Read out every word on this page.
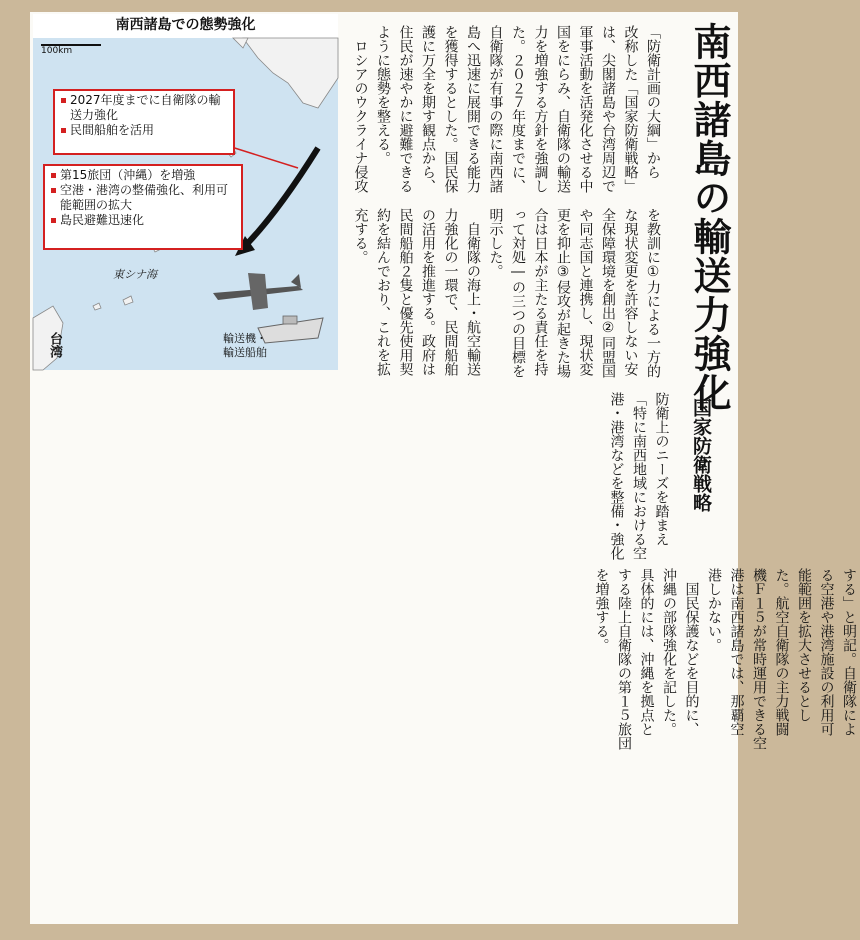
南西諸島の輸送力強化
国家防衛戦略
「防衛計画の大綱」から
改称した「国家防衛戦略」
は、尖閣諸島や台湾周辺で
軍事活動を活発化させる中
国をにらみ、自衛隊の輸送
力を増強する方針を強調し
た。２０２７年度までに、
自衛隊が有事の際に南西諸
島へ迅速に展開できる能力
を獲得するとした。国民保
護に万全を期す観点から、
住民が速やかに避難できる
ように態勢を整える。
　ロシアのウクライナ侵攻
を教訓に①力による一方的
な現状変更を許容しない安
全保障環境を創出②同盟国
や同志国と連携し、現状変
更を抑止③侵攻が起きた場
合は日本が主たる責任を持
って対処―の三つの目標を
明示した。
　自衛隊の海上・航空輸送
力強化の一環で、民間船舶
の活用を推進する。政府は
民間船舶２隻と優先使用契
約を結んでおり、これを拡
充する。
防衛上のニーズを踏まえ
「特に南西地域における空
港・港湾などを整備・強化
する」と明記。自衛隊によ
る空港や港湾施設の利用可
能範囲を拡大させるとし
た。航空自衛隊の主力戦闘
機Ｆ１５が常時運用できる空
港は南西諸島では、那覇空
港しかない。
　国民保護などを目的に、
沖縄の部隊強化を記した。
具体的には、沖縄を拠点と
する陸上自衛隊の第１５旅団
を増強する。
南西諸島での態勢強化
100km
2027年度までに自衛隊の輸送力強化
民間船舶を活用
第15旅団（沖縄）を増強
空港・港湾の整備強化、利用可能範囲の拡大
島民避難迅速化
東シナ海
台湾	輸送機・
輸送船舶
